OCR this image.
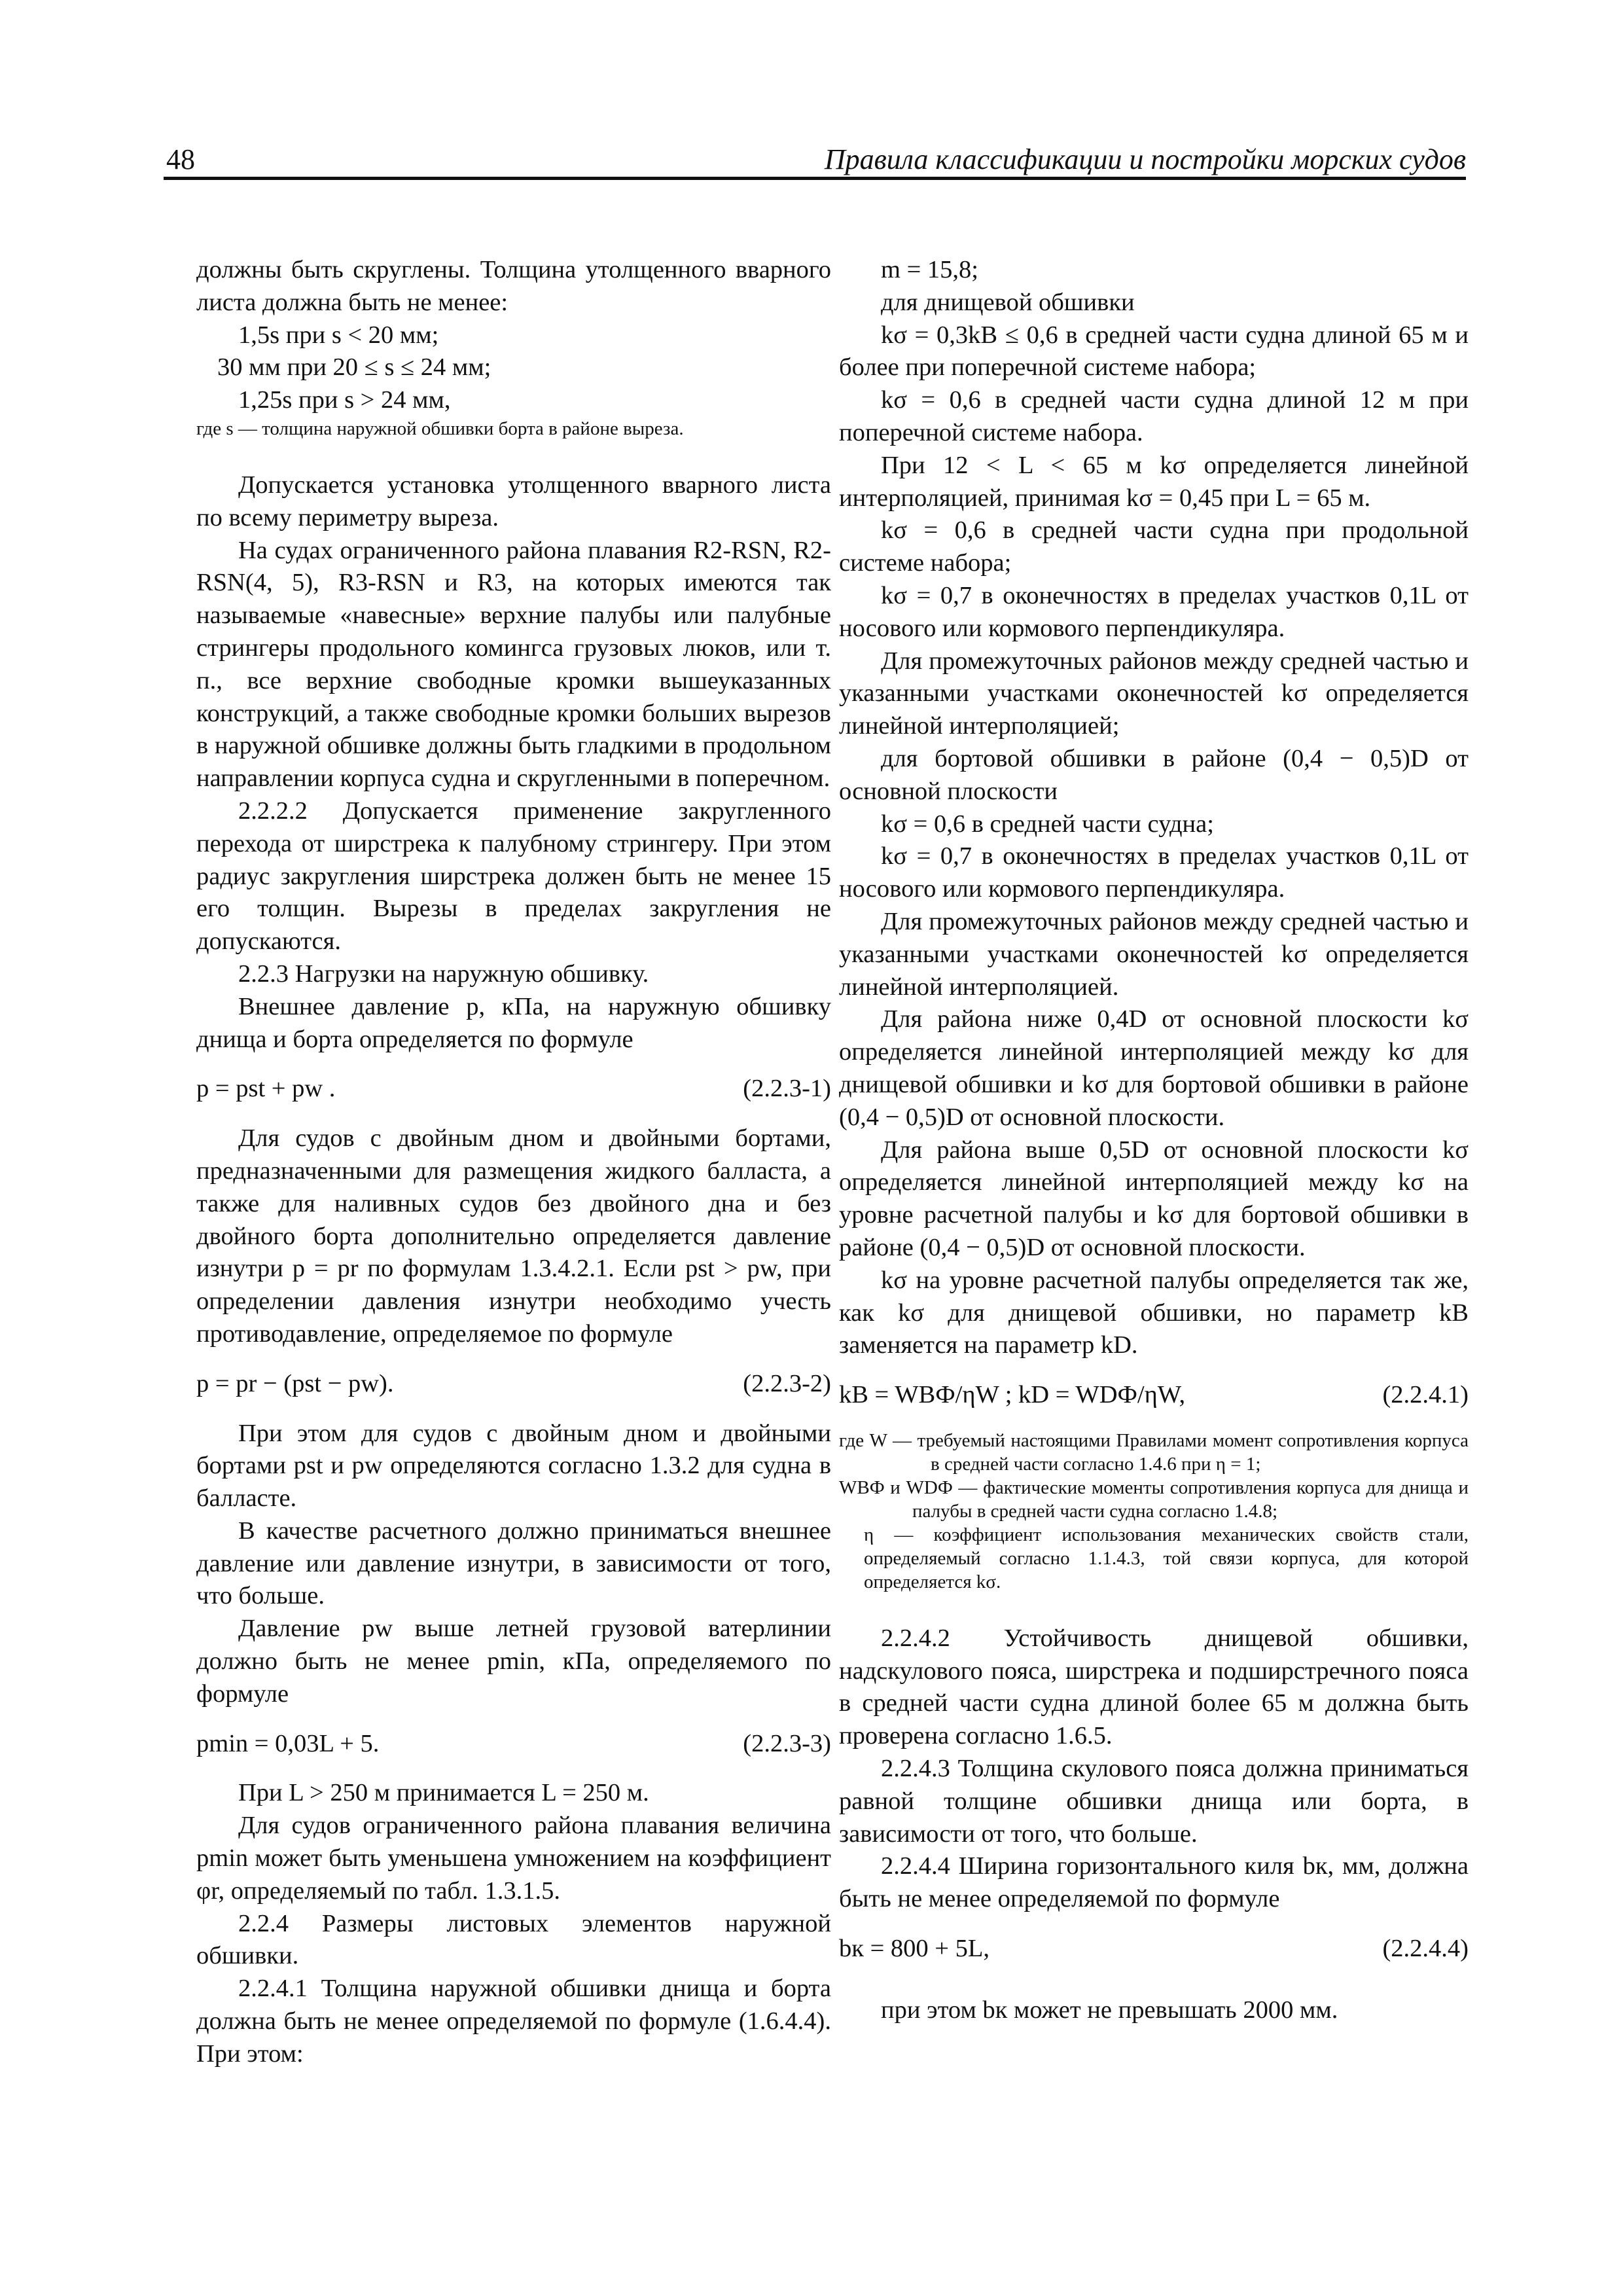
48	Правила классификации и постройки морских судов

должны быть скруглены. Толщина утолщенного вварного листа должна быть не менее:

1,5s при s < 20 мм;

30 мм при 20 ≤ s ≤ 24 мм;

1,25s при s > 24 мм,

где s — толщина наружной обшивки борта в районе выреза.

Допускается установка утолщенного вварного листа по всему периметру выреза.

На судах ограниченного района плавания R2-RSN, R2-RSN(4, 5), R3-RSN и R3, на которых имеются так называемые «навесные» верхние палубы или палубные стрингеры продольного комингса грузовых люков, или т. п., все верхние свободные кромки вышеуказанных конструкций, а также свободные кромки больших вырезов в наружной обшивке должны быть гладкими в продольном направлении корпуса судна и скругленными в поперечном.

2.2.2.2 Допускается применение закругленного перехода от ширстрека к палубному стрингеру. При этом радиус закругления ширстрека должен быть не менее 15 его толщин. Вырезы в пределах закругления не допускаются.

2.2.3 Нагрузки на наружную обшивку.

Внешнее давление p, кПа, на наружную обшивку днища и борта определяется по формуле

p = pst + pw .	(2.2.3-1)

Для судов с двойным дном и двойными бортами, предназначенными для размещения жидкого балласта, а также для наливных судов без двойного дна и без двойного борта дополнительно определяется давление изнутри p = pr по формулам 1.3.4.2.1. Если pst > pw, при определении давления изнутри необходимо учесть противодавление, определяемое по формуле

p = pr − (pst − pw).	(2.2.3-2)

При этом для судов с двойным дном и двойными бортами pst и pw определяются согласно 1.3.2 для судна в балласте.

В качестве расчетного должно приниматься внешнее давление или давление изнутри, в зависимости от того, что больше.

Давление pw выше летней грузовой ватерлинии должно быть не менее pmin, кПа, определяемого по формуле

pmin = 0,03L + 5.	(2.2.3-3)

При L > 250 м принимается L = 250 м.

Для судов ограниченного района плавания величина pmin может быть уменьшена умножением на коэффициент φr, определяемый по табл. 1.3.1.5.

2.2.4 Размеры листовых элементов наружной обшивки.

2.2.4.1 Толщина наружной обшивки днища и борта должна быть не менее определяемой по формуле (1.6.4.4). При этом:

m = 15,8;

для днищевой обшивки

kσ = 0,3kB ≤ 0,6 в средней части судна длиной 65 м и более при поперечной системе набора;

kσ = 0,6 в средней части судна длиной 12 м при поперечной системе набора.

При 12 < L < 65 м kσ определяется линейной интерполяцией, принимая kσ = 0,45 при L = 65 м.

kσ = 0,6 в средней части судна при продольной системе набора;

kσ = 0,7 в оконечностях в пределах участков 0,1L от носового или кормового перпендикуляра.

Для промежуточных районов между средней частью и указанными участками оконечностей kσ определяется линейной интерполяцией;

для бортовой обшивки в районе (0,4 − 0,5)D от основной плоскости

kσ = 0,6 в средней части судна;

kσ = 0,7 в оконечностях в пределах участков 0,1L от носового или кормового перпендикуляра.

Для промежуточных районов между средней частью и указанными участками оконечностей kσ определяется линейной интерполяцией.

Для района ниже 0,4D от основной плоскости kσ определяется линейной интерполяцией между kσ для днищевой обшивки и kσ для бортовой обшивки в районе (0,4 − 0,5)D от основной плоскости.

Для района выше 0,5D от основной плоскости kσ определяется линейной интерполяцией между kσ на уровне расчетной палубы и kσ для бортовой обшивки в районе (0,4 − 0,5)D от основной плоскости.

kσ на уровне расчетной палубы определяется так же, как kσ для днищевой обшивки, но параметр kB заменяется на параметр kD.

kB = WBФ/ηW ; kD = WDФ/ηW,	(2.2.4.1)

где W — требуемый настоящими Правилами момент сопротивления корпуса в средней части согласно 1.4.6 при η = 1;

WBФ и WDФ — фактические моменты сопротивления корпуса для днища и палубы в средней части судна согласно 1.4.8;

η — коэффициент использования механических свойств стали, определяемый согласно 1.1.4.3, той связи корпуса, для которой определяется kσ.

2.2.4.2 Устойчивость днищевой обшивки, надскулового пояса, ширстрека и подширстречного пояса в средней части судна длиной более 65 м должна быть проверена согласно 1.6.5.

2.2.4.3 Толщина скулового пояса должна приниматься равной толщине обшивки днища или борта, в зависимости от того, что больше.

2.2.4.4 Ширина горизонтального киля bк, мм, должна быть не менее определяемой по формуле

bк = 800 + 5L,	(2.2.4.4)

при этом bк может не превышать 2000 мм.
